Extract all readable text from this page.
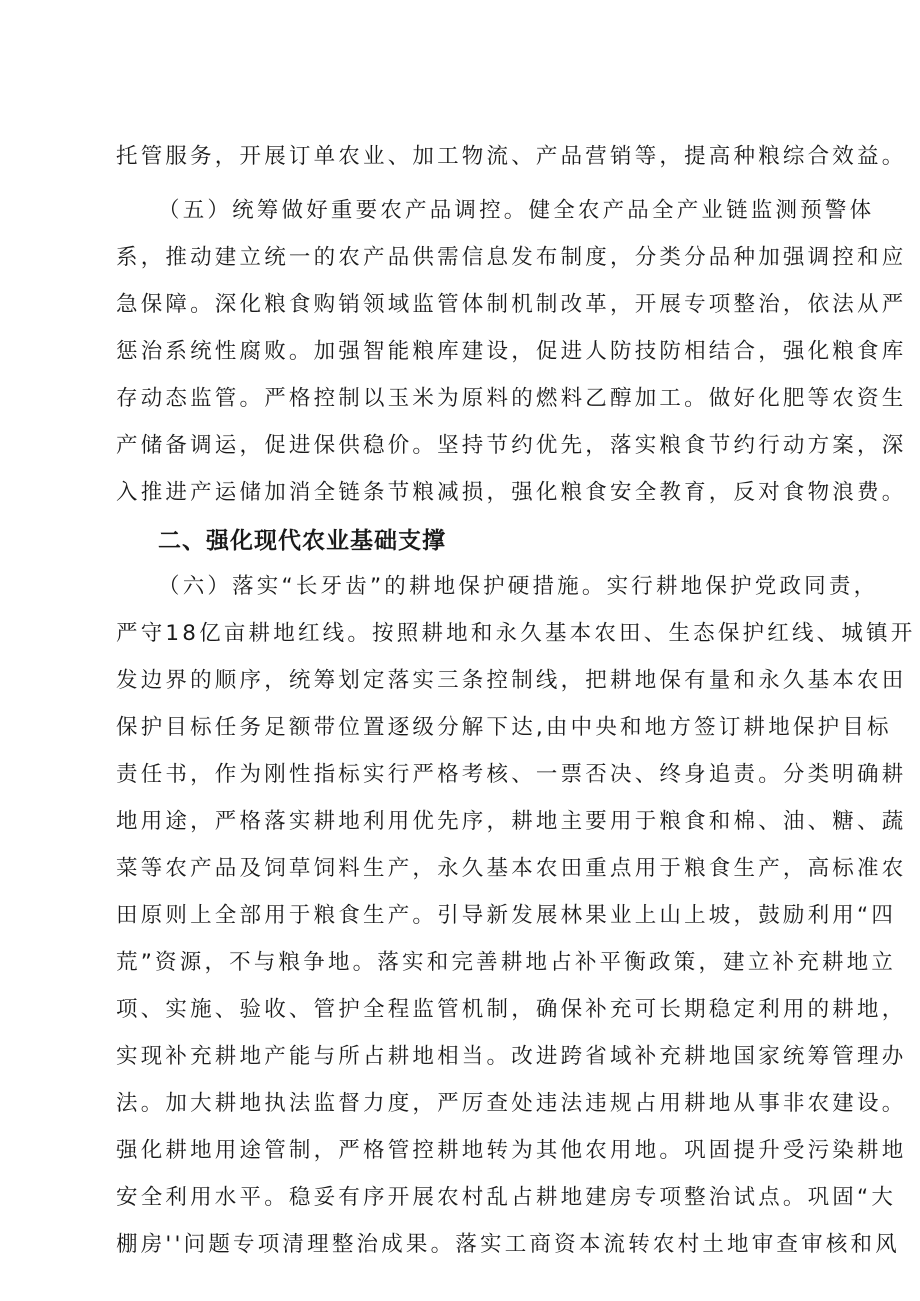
托管服务，开展订单农业、加工物流、产品营销等，提高种粮综合效益。
（五）统筹做好重要农产品调控。健全农产品全产业链监测预警体
系，推动建立统一的农产品供需信息发布制度，分类分品种加强调控和应
急保障。深化粮食购销领域监管体制机制改革，开展专项整治，依法从严
惩治系统性腐败。加强智能粮库建设，促进人防技防相结合，强化粮食库
存动态监管。严格控制以玉米为原料的燃料乙醇加工。做好化肥等农资生
产储备调运，促进保供稳价。坚持节约优先，落实粮食节约行动方案，深
入推进产运储加消全链条节粮减损，强化粮食安全教育，反对食物浪费。
二、强化现代农业基础支撑
（六）落实“长牙齿”的耕地保护硬措施。实行耕地保护党政同责，
严守18亿亩耕地红线。按照耕地和永久基本农田、生态保护红线、城镇开
发边界的顺序，统筹划定落实三条控制线，把耕地保有量和永久基本农田
保护目标任务足额带位置逐级分解下达,由中央和地方签订耕地保护目标
责任书，作为刚性指标实行严格考核、一票否决、终身追责。分类明确耕
地用途，严格落实耕地利用优先序，耕地主要用于粮食和棉、油、糖、蔬
菜等农产品及饲草饲料生产，永久基本农田重点用于粮食生产，高标准农
田原则上全部用于粮食生产。引导新发展林果业上山上坡，鼓励利用“四
荒”资源，不与粮争地。落实和完善耕地占补平衡政策，建立补充耕地立
项、实施、验收、管护全程监管机制，确保补充可长期稳定利用的耕地，
实现补充耕地产能与所占耕地相当。改进跨省域补充耕地国家统筹管理办
法。加大耕地执法监督力度，严厉查处违法违规占用耕地从事非农建设。
强化耕地用途管制，严格管控耕地转为其他农用地。巩固提升受污染耕地
安全利用水平。稳妥有序开展农村乱占耕地建房专项整治试点。巩固“大
棚房''问题专项清理整治成果。落实工商资本流转农村土地审查审核和风
